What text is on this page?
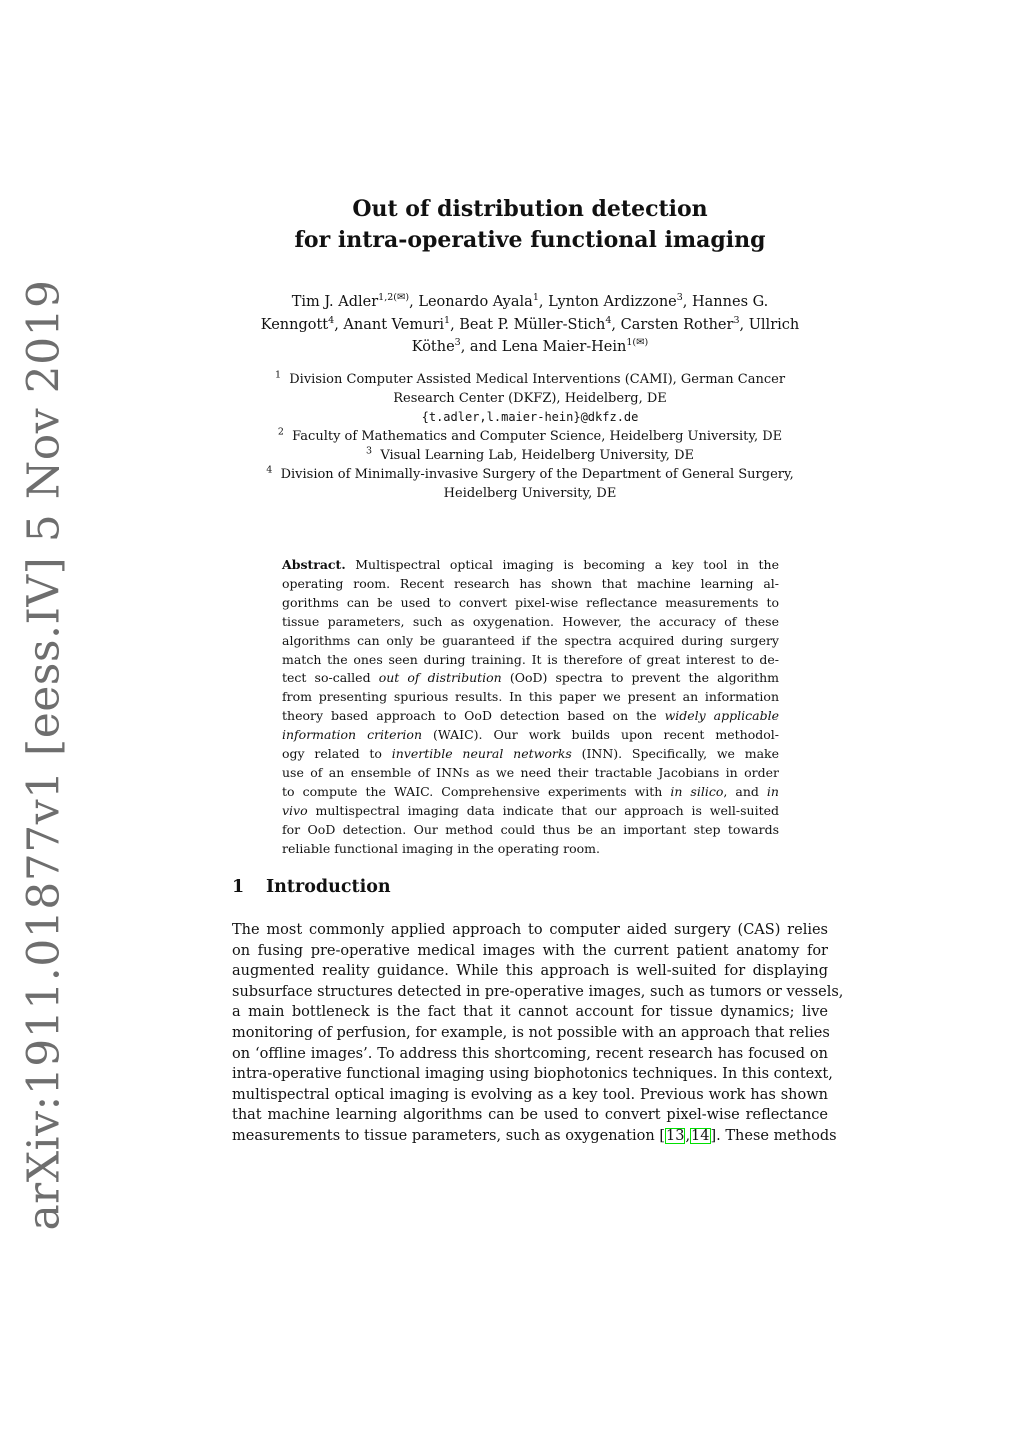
arXiv:1911.01877v1 [eess.IV] 5 Nov 2019
Out of distribution detection
for intra-operative functional imaging
Tim J. Adler$^{1,2(✉)}$, Leonardo Ayala$^1$, Lynton Ardizzone$^3$, Hannes G.
Kenngott$^4$, Anant Vemuri$^1$, Beat P. Müller-Stich$^4$, Carsten Rother$^3$, Ullrich
Köthe$^3$, and Lena Maier-Hein$^{1(✉)}$
$^1$ Division Computer Assisted Medical Interventions (CAMI), German Cancer
Research Center (DKFZ), Heidelberg, DE
{t.adler,l.maier-hein}@dkfz.de
$^2$ Faculty of Mathematics and Computer Science, Heidelberg University, DE
$^3$ Visual Learning Lab, Heidelberg University, DE
$^4$ Division of Minimally-invasive Surgery of the Department of General Surgery,
Heidelberg University, DE
Abstract. Multispectral optical imaging is becoming a key tool in the
operating room. Recent research has shown that machine learning al-
gorithms can be used to convert pixel-wise reflectance measurements to
tissue parameters, such as oxygenation. However, the accuracy of these
algorithms can only be guaranteed if the spectra acquired during surgery
match the ones seen during training. It is therefore of great interest to de-
tect so-called out of distribution (OoD) spectra to prevent the algorithm
from presenting spurious results. In this paper we present an information
theory based approach to OoD detection based on the widely applicable
information criterion (WAIC). Our work builds upon recent methodol-
ogy related to invertible neural networks (INN). Specifically, we make
use of an ensemble of INNs as we need their tractable Jacobians in order
to compute the WAIC. Comprehensive experiments with in silico, and in
vivo multispectral imaging data indicate that our approach is well-suited
for OoD detection. Our method could thus be an important step towards
reliable functional imaging in the operating room.
1 Introduction
The most commonly applied approach to computer aided surgery (CAS) relies
on fusing pre-operative medical images with the current patient anatomy for
augmented reality guidance. While this approach is well-suited for displaying
subsurface structures detected in pre-operative images, such as tumors or vessels,
a main bottleneck is the fact that it cannot account for tissue dynamics; live
monitoring of perfusion, for example, is not possible with an approach that relies
on ‘offline images’. To address this shortcoming, recent research has focused on
intra-operative functional imaging using biophotonics techniques. In this context,
multispectral optical imaging is evolving as a key tool. Previous work has shown
that machine learning algorithms can be used to convert pixel-wise reflectance
measurements to tissue parameters, such as oxygenation [13,14]. These methods
